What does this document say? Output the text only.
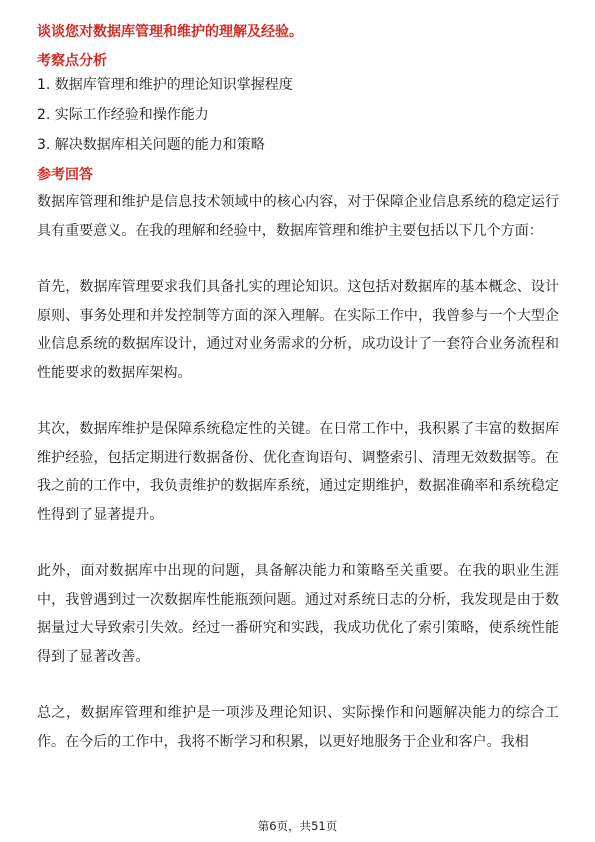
谈谈您对数据库管理和维护的理解及经验。
考察点分析
1. 数据库管理和维护的理论知识掌握程度
2. 实际工作经验和操作能力
3. 解决数据库相关问题的能力和策略
参考回答

数据库管理和维护是信息技术领域中的核心内容，对于保障企业信息系统的稳定运行具有重要意义。在我的理解和经验中，数据库管理和维护主要包括以下几个方面：

首先，数据库管理要求我们具备扎实的理论知识。这包括对数据库的基本概念、设计原则、事务处理和并发控制等方面的深入理解。在实际工作中，我曾参与一个大型企业信息系统的数据库设计，通过对业务需求的分析，成功设计了一套符合业务流程和性能要求的数据库架构。

其次，数据库维护是保障系统稳定性的关键。在日常工作中，我积累了丰富的数据库维护经验，包括定期进行数据备份、优化查询语句、调整索引、清理无效数据等。在我之前的工作中，我负责维护的数据库系统，通过定期维护，数据准确率和系统稳定性得到了显著提升。

此外，面对数据库中出现的问题，具备解决能力和策略至关重要。在我的职业生涯中，我曾遇到过一次数据库性能瓶颈问题。通过对系统日志的分析，我发现是由于数据量过大导致索引失效。经过一番研究和实践，我成功优化了索引策略，使系统性能得到了显著改善。

总之，数据库管理和维护是一项涉及理论知识、实际操作和问题解决能力的综合工作。在今后的工作中，我将不断学习和积累，以更好地服务于企业和客户。我相

第6页，共51页
